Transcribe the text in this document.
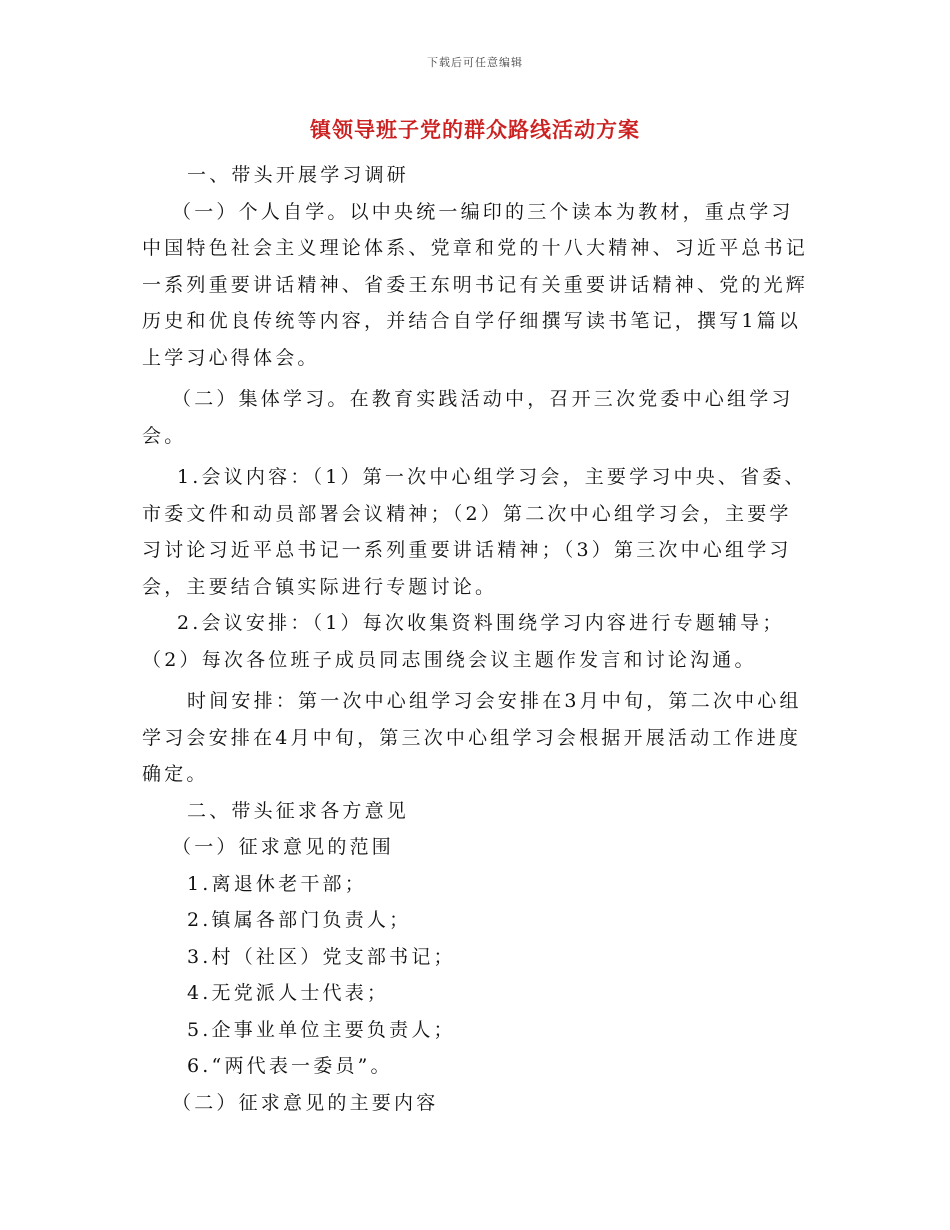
下载后可任意编辑
镇领导班子党的群众路线活动方案

一、带头开展学习调研

（一）个人自学。以中央统一编印的三个读本为教材，重点学习中国特色社会主义理论体系、党章和党的十八大精神、习近平总书记一系列重要讲话精神、省委王东明书记有关重要讲话精神、党的光辉历史和优良传统等内容，并结合自学仔细撰写读书笔记，撰写1篇以上学习心得体会。

（二）集体学习。在教育实践活动中，召开三次党委中心组学习会。

1.会议内容：（1）第一次中心组学习会，主要学习中央、省委、市委文件和动员部署会议精神；（2）第二次中心组学习会，主要学习讨论习近平总书记一系列重要讲话精神；（3）第三次中心组学习会，主要结合镇实际进行专题讨论。

2.会议安排：（1）每次收集资料围绕学习内容进行专题辅导；（2）每次各位班子成员同志围绕会议主题作发言和讨论沟通。

时间安排：第一次中心组学习会安排在3月中旬，第二次中心组学习会安排在4月中旬，第三次中心组学习会根据开展活动工作进度确定。

二、带头征求各方意见

（一）征求意见的范围

1.离退休老干部；

2.镇属各部门负责人；

3.村（社区）党支部书记；

4.无党派人士代表；

5.企事业单位主要负责人；

6.“两代表一委员”。

（二）征求意见的主要内容
